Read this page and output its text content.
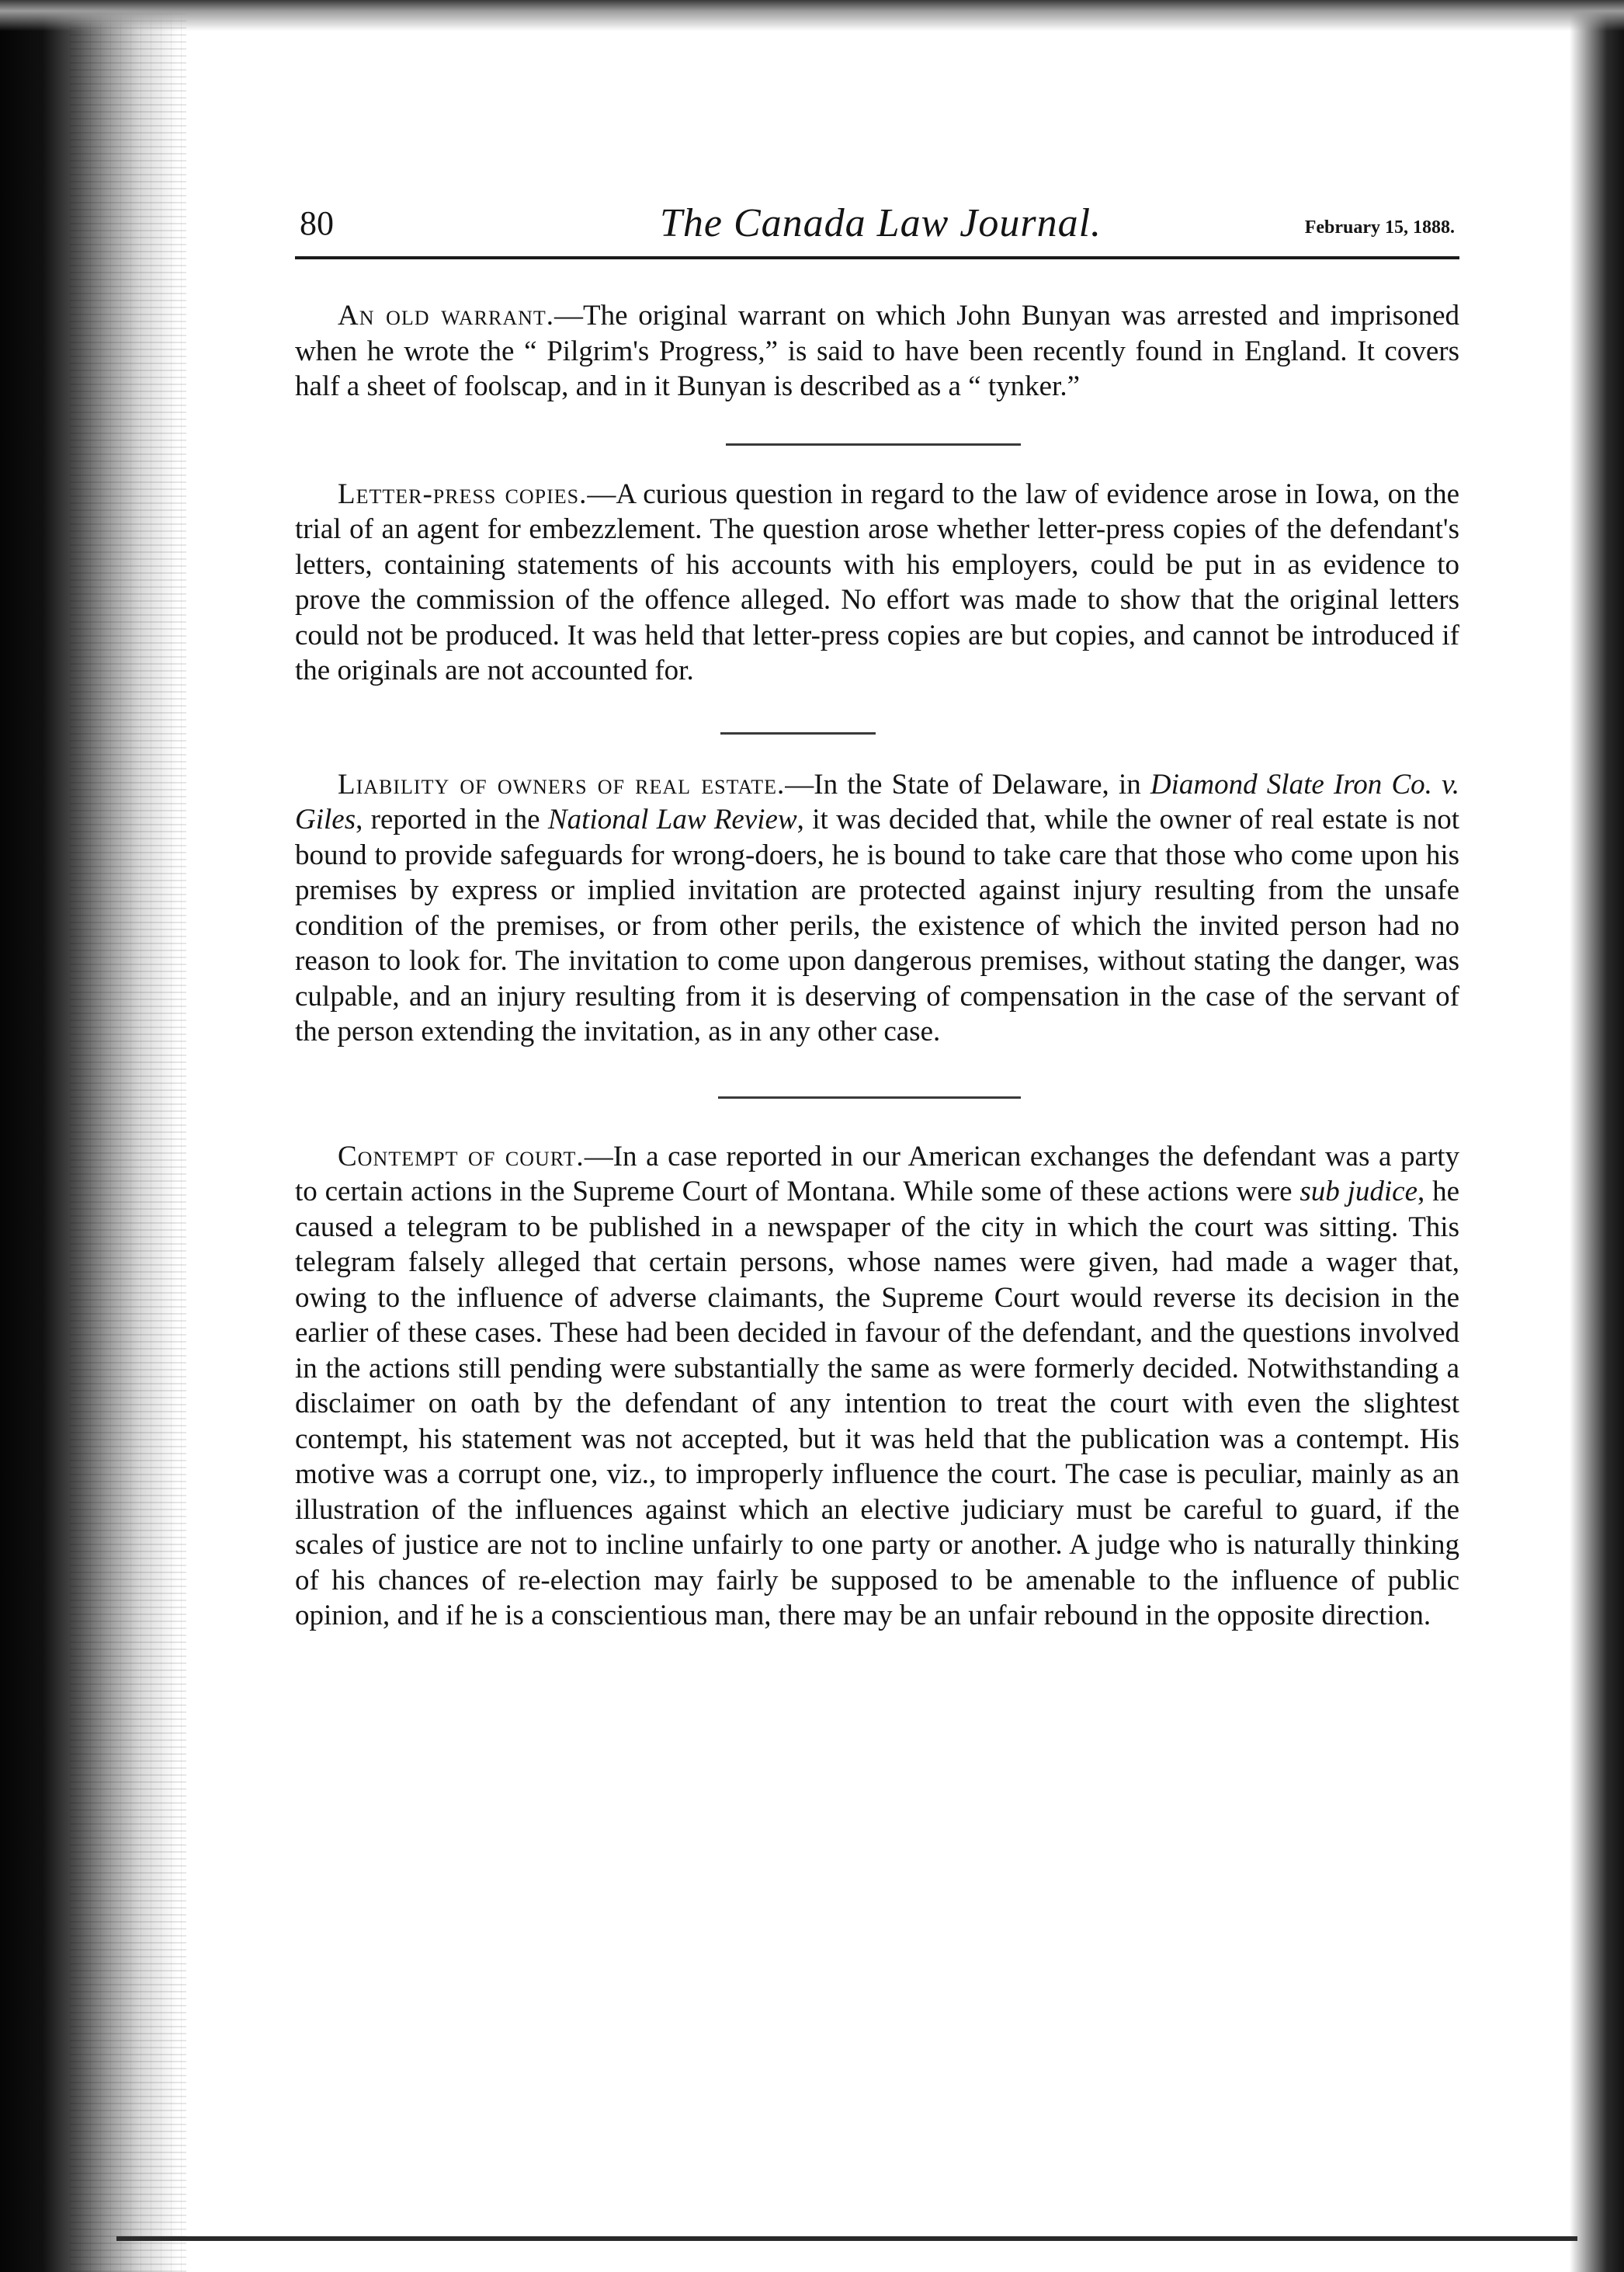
80	The Canada Law Journal.	February 15, 1888.

An old warrant.—The original warrant on which John Bunyan was arrested and imprisoned when he wrote the “ Pilgrim's Progress,” is said to have been recently found in England. It covers half a sheet of foolscap, and in it Bunyan is described as a “ tynker.”

Letter-press copies.—A curious question in regard to the law of evidence arose in Iowa, on the trial of an agent for embezzlement. The question arose whether letter-press copies of the defendant's letters, containing statements of his accounts with his employers, could be put in as evidence to prove the commission of the offence alleged. No effort was made to show that the original letters could not be produced. It was held that letter-press copies are but copies, and cannot be introduced if the originals are not accounted for.

Liability of owners of real estate.—In the State of Delaware, in Diamond Slate Iron Co. v. Giles, reported in the National Law Review, it was decided that, while the owner of real estate is not bound to provide safeguards for wrong-doers, he is bound to take care that those who come upon his premises by express or implied invitation are protected against injury resulting from the unsafe condition of the premises, or from other perils, the existence of which the invited person had no reason to look for. The invitation to come upon dangerous premises, without stating the danger, was culpable, and an injury resulting from it is deserving of compensation in the case of the servant of the person extending the invitation, as in any other case.

Contempt of court.—In a case reported in our American exchanges the defendant was a party to certain actions in the Supreme Court of Montana. While some of these actions were sub judice, he caused a telegram to be published in a newspaper of the city in which the court was sitting. This telegram falsely alleged that certain persons, whose names were given, had made a wager that, owing to the influence of adverse claimants, the Supreme Court would reverse its decision in the earlier of these cases. These had been decided in favour of the defendant, and the questions involved in the actions still pending were substantially the same as were formerly decided. Notwithstanding a disclaimer on oath by the defendant of any intention to treat the court with even the slightest contempt, his statement was not accepted, but it was held that the publication was a contempt. His motive was a corrupt one, viz., to improperly influence the court. The case is peculiar, mainly as an illustration of the influences against which an elective judiciary must be careful to guard, if the scales of justice are not to incline unfairly to one party or another. A judge who is naturally thinking of his chances of re-election may fairly be supposed to be amenable to the influence of public opinion, and if he is a conscientious man, there may be an unfair rebound in the opposite direction.
